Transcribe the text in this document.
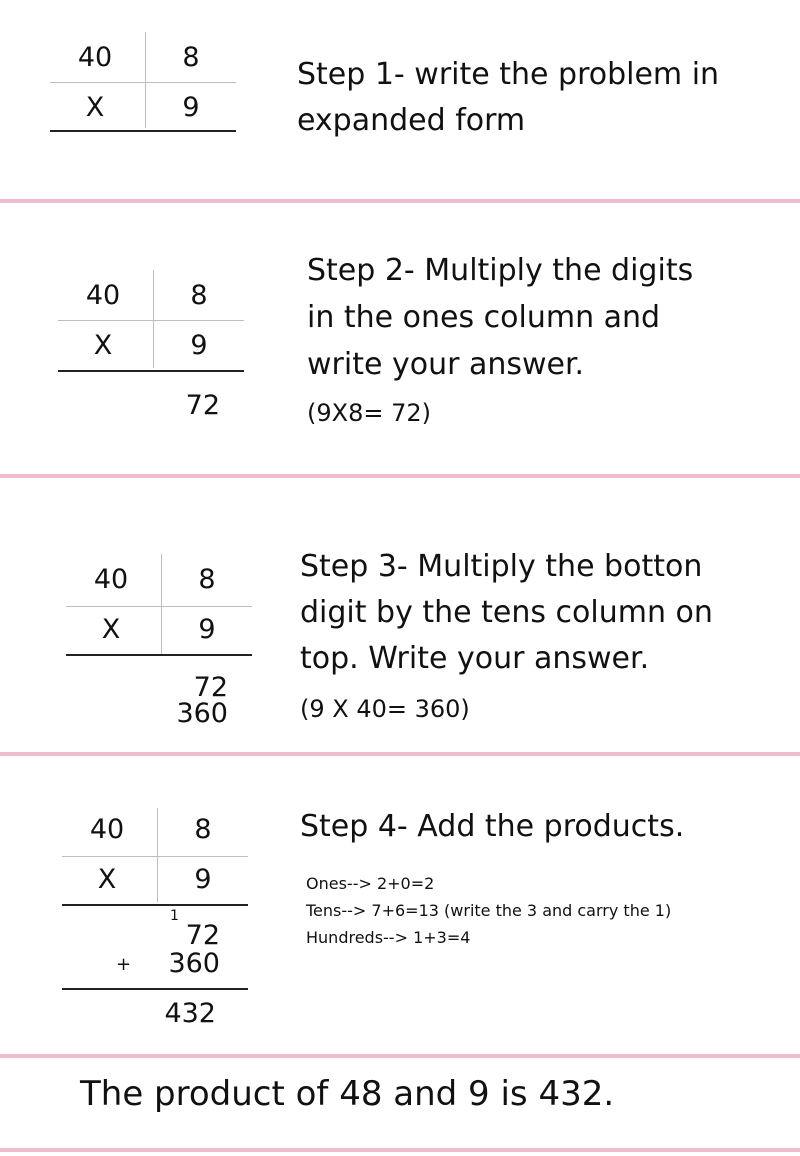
40	8
X	9
Step 1- write the problem in
expanded form
40	8
X	9
72
Step 2- Multiply the digits
in the ones column and
write your answer.
(9X8= 72)
40	8
X	9
72
360
Step 3- Multiply the botton
digit by the tens column on
top. Write your answer.
(9 X 40= 360)
40	8
X	9
1
72
+	360
432
Step 4- Add the products.
Ones--> 2+0=2
Tens--> 7+6=13 (write the 3 and carry the 1)
Hundreds--> 1+3=4
The product of 48 and 9 is 432.
